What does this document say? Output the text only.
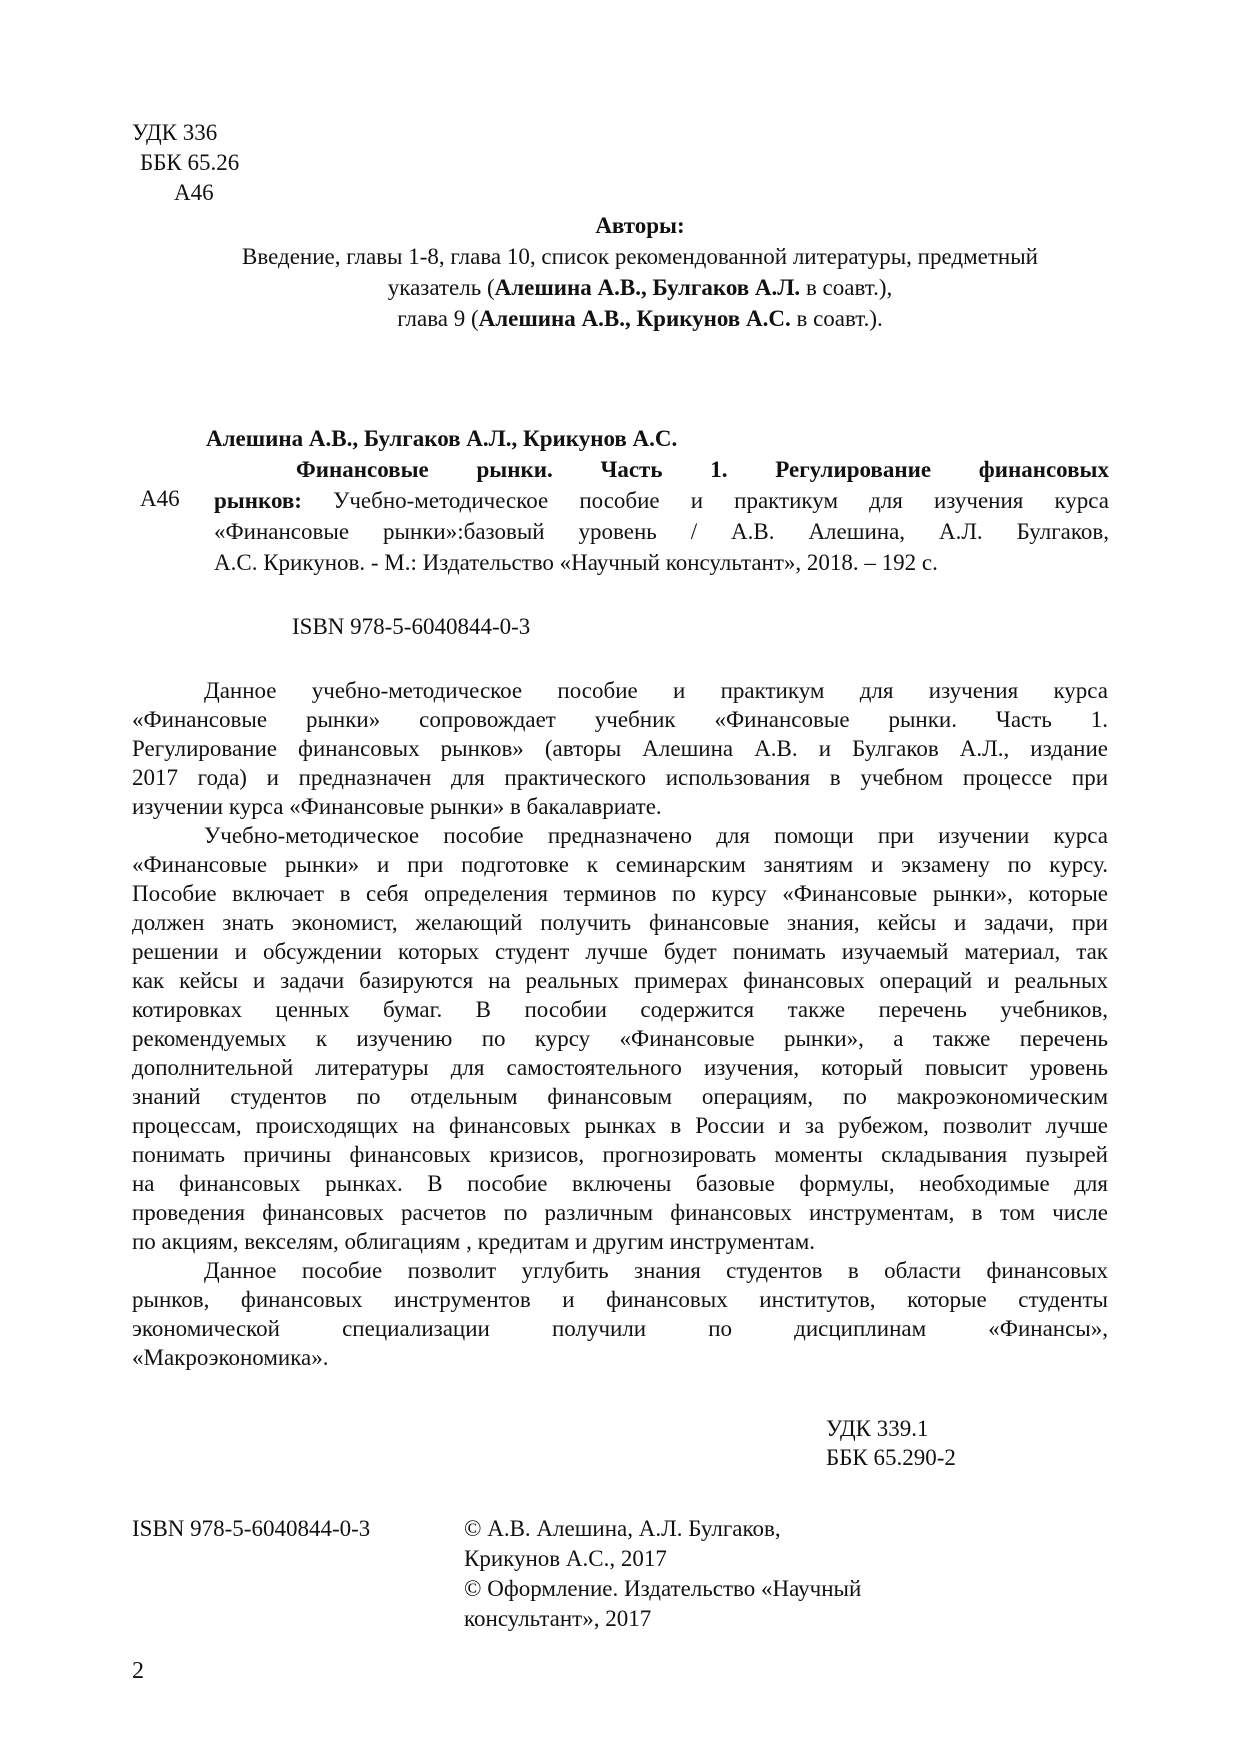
УДК 336
ББК 65.26
А46
Авторы:
Введение, главы 1-8, глава 10, список рекомендованной литературы, предметный
указатель (Алешина А.В., Булгаков А.Л. в соавт.),
глава 9 (Алешина А.В., Крикунов А.С. в соавт.).
Алешина А.В., Булгаков А.Л., Крикунов А.С.
А46
Финансовые рынки. Часть 1. Регулирование финансовых
рынков: Учебно-методическое пособие и практикум для изучения курса
«Финансовые рынки»:базовый уровень / А.В. Алешина, А.Л. Булгаков,
А.С. Крикунов. - М.: Издательство «Научный консультант», 2018. – 192 с.
ISBN 978-5-6040844-0-3
Данное учебно-методическое пособие и практикум для изучения курса
«Финансовые рынки» сопровождает учебник «Финансовые рынки. Часть 1.
Регулирование финансовых рынков» (авторы Алешина А.В. и Булгаков А.Л., издание
2017 года) и предназначен для практического использования в учебном процессе при
изучении курса «Финансовые рынки» в бакалавриате.
Учебно-методическое пособие предназначено для помощи при изучении курса
«Финансовые рынки» и при подготовке к семинарским занятиям и экзамену по курсу.
Пособие включает в себя определения терминов по курсу «Финансовые рынки», которые
должен знать экономист, желающий получить финансовые знания, кейсы и задачи, при
решении и обсуждении которых студент лучше будет понимать изучаемый материал, так
как кейсы и задачи базируются на реальных примерах финансовых операций и реальных
котировках ценных бумаг. В пособии содержится также перечень учебников,
рекомендуемых к изучению по курсу «Финансовые рынки», а также перечень
дополнительной литературы для самостоятельного изучения, который повысит уровень
знаний студентов по отдельным финансовым операциям, по макроэкономическим
процессам, происходящих на финансовых рынках в России и за рубежом, позволит лучше
понимать причины финансовых кризисов, прогнозировать моменты складывания пузырей
на финансовых рынках. В пособие включены базовые формулы, необходимые для
проведения финансовых расчетов по различным финансовых инструментам, в том числе
по акциям, векселям, облигациям , кредитам и другим инструментам.
Данное пособие позволит углубить знания студентов в области финансовых
рынков, финансовых инструментов и финансовых институтов, которые студенты
экономической специализации получили по дисциплинам «Финансы»,
«Макроэкономика».
УДК 339.1
ББК 65.290-2
ISBN 978-5-6040844-0-3	© А.В. Алешина, А.Л. Булгаков,
Крикунов А.С., 2017
© Оформление. Издательство «Научный
консультант», 2017
2
